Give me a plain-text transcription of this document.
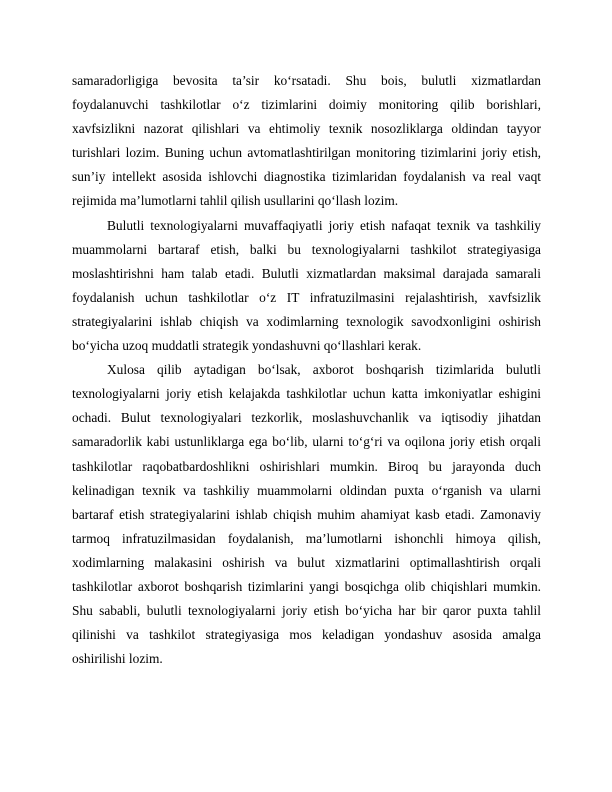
samaradorligiga bevosita ta’sir ko‘rsatadi. Shu bois, bulutli xizmatlardan foydalanuvchi tashkilotlar o‘z tizimlarini doimiy monitoring qilib borishlari, xavfsizlikni nazorat qilishlari va ehtimoliy texnik nosozliklarga oldindan tayyor turishlari lozim. Buning uchun avtomatlashtirilgan monitoring tizimlarini joriy etish, sun’iy intellekt asosida ishlovchi diagnostika tizimlaridan foydalanish va real vaqt rejimida ma’lumotlarni tahlil qilish usullarini qo‘llash lozim.

Bulutli texnologiyalarni muvaffaqiyatli joriy etish nafaqat texnik va tashkiliy muammolarni bartaraf etish, balki bu texnologiyalarni tashkilot strategiyasiga moslashtirishni ham talab etadi. Bulutli xizmatlardan maksimal darajada samarali foydalanish uchun tashkilotlar o‘z IT infratuzilmasini rejalashtirish, xavfsizlik strategiyalarini ishlab chiqish va xodimlarning texnologik savodxonligini oshirish bo‘yicha uzoq muddatli strategik yondashuvni qo‘llashlari kerak.

Xulosa qilib aytadigan bo‘lsak, axborot boshqarish tizimlarida bulutli texnologiyalarni joriy etish kelajakda tashkilotlar uchun katta imkoniyatlar eshigini ochadi. Bulut texnologiyalari tezkorlik, moslashuvchanlik va iqtisodiy jihatdan samaradorlik kabi ustunliklarga ega bo‘lib, ularni to‘g‘ri va oqilona joriy etish orqali tashkilotlar raqobatbardoshlikni oshirishlari mumkin. Biroq bu jarayonda duch kelinadigan texnik va tashkiliy muammolarni oldindan puxta o‘rganish va ularni bartaraf etish strategiyalarini ishlab chiqish muhim ahamiyat kasb etadi. Zamonaviy tarmoq infratuzilmasidan foydalanish, ma’lumotlarni ishonchli himoya qilish, xodimlarning malakasini oshirish va bulut xizmatlarini optimallashtirish orqali tashkilotlar axborot boshqarish tizimlarini yangi bosqichga olib chiqishlari mumkin. Shu sababli, bulutli texnologiyalarni joriy etish bo‘yicha har bir qaror puxta tahlil qilinishi va tashkilot strategiyasiga mos keladigan yondashuv asosida amalga oshirilishi lozim.
